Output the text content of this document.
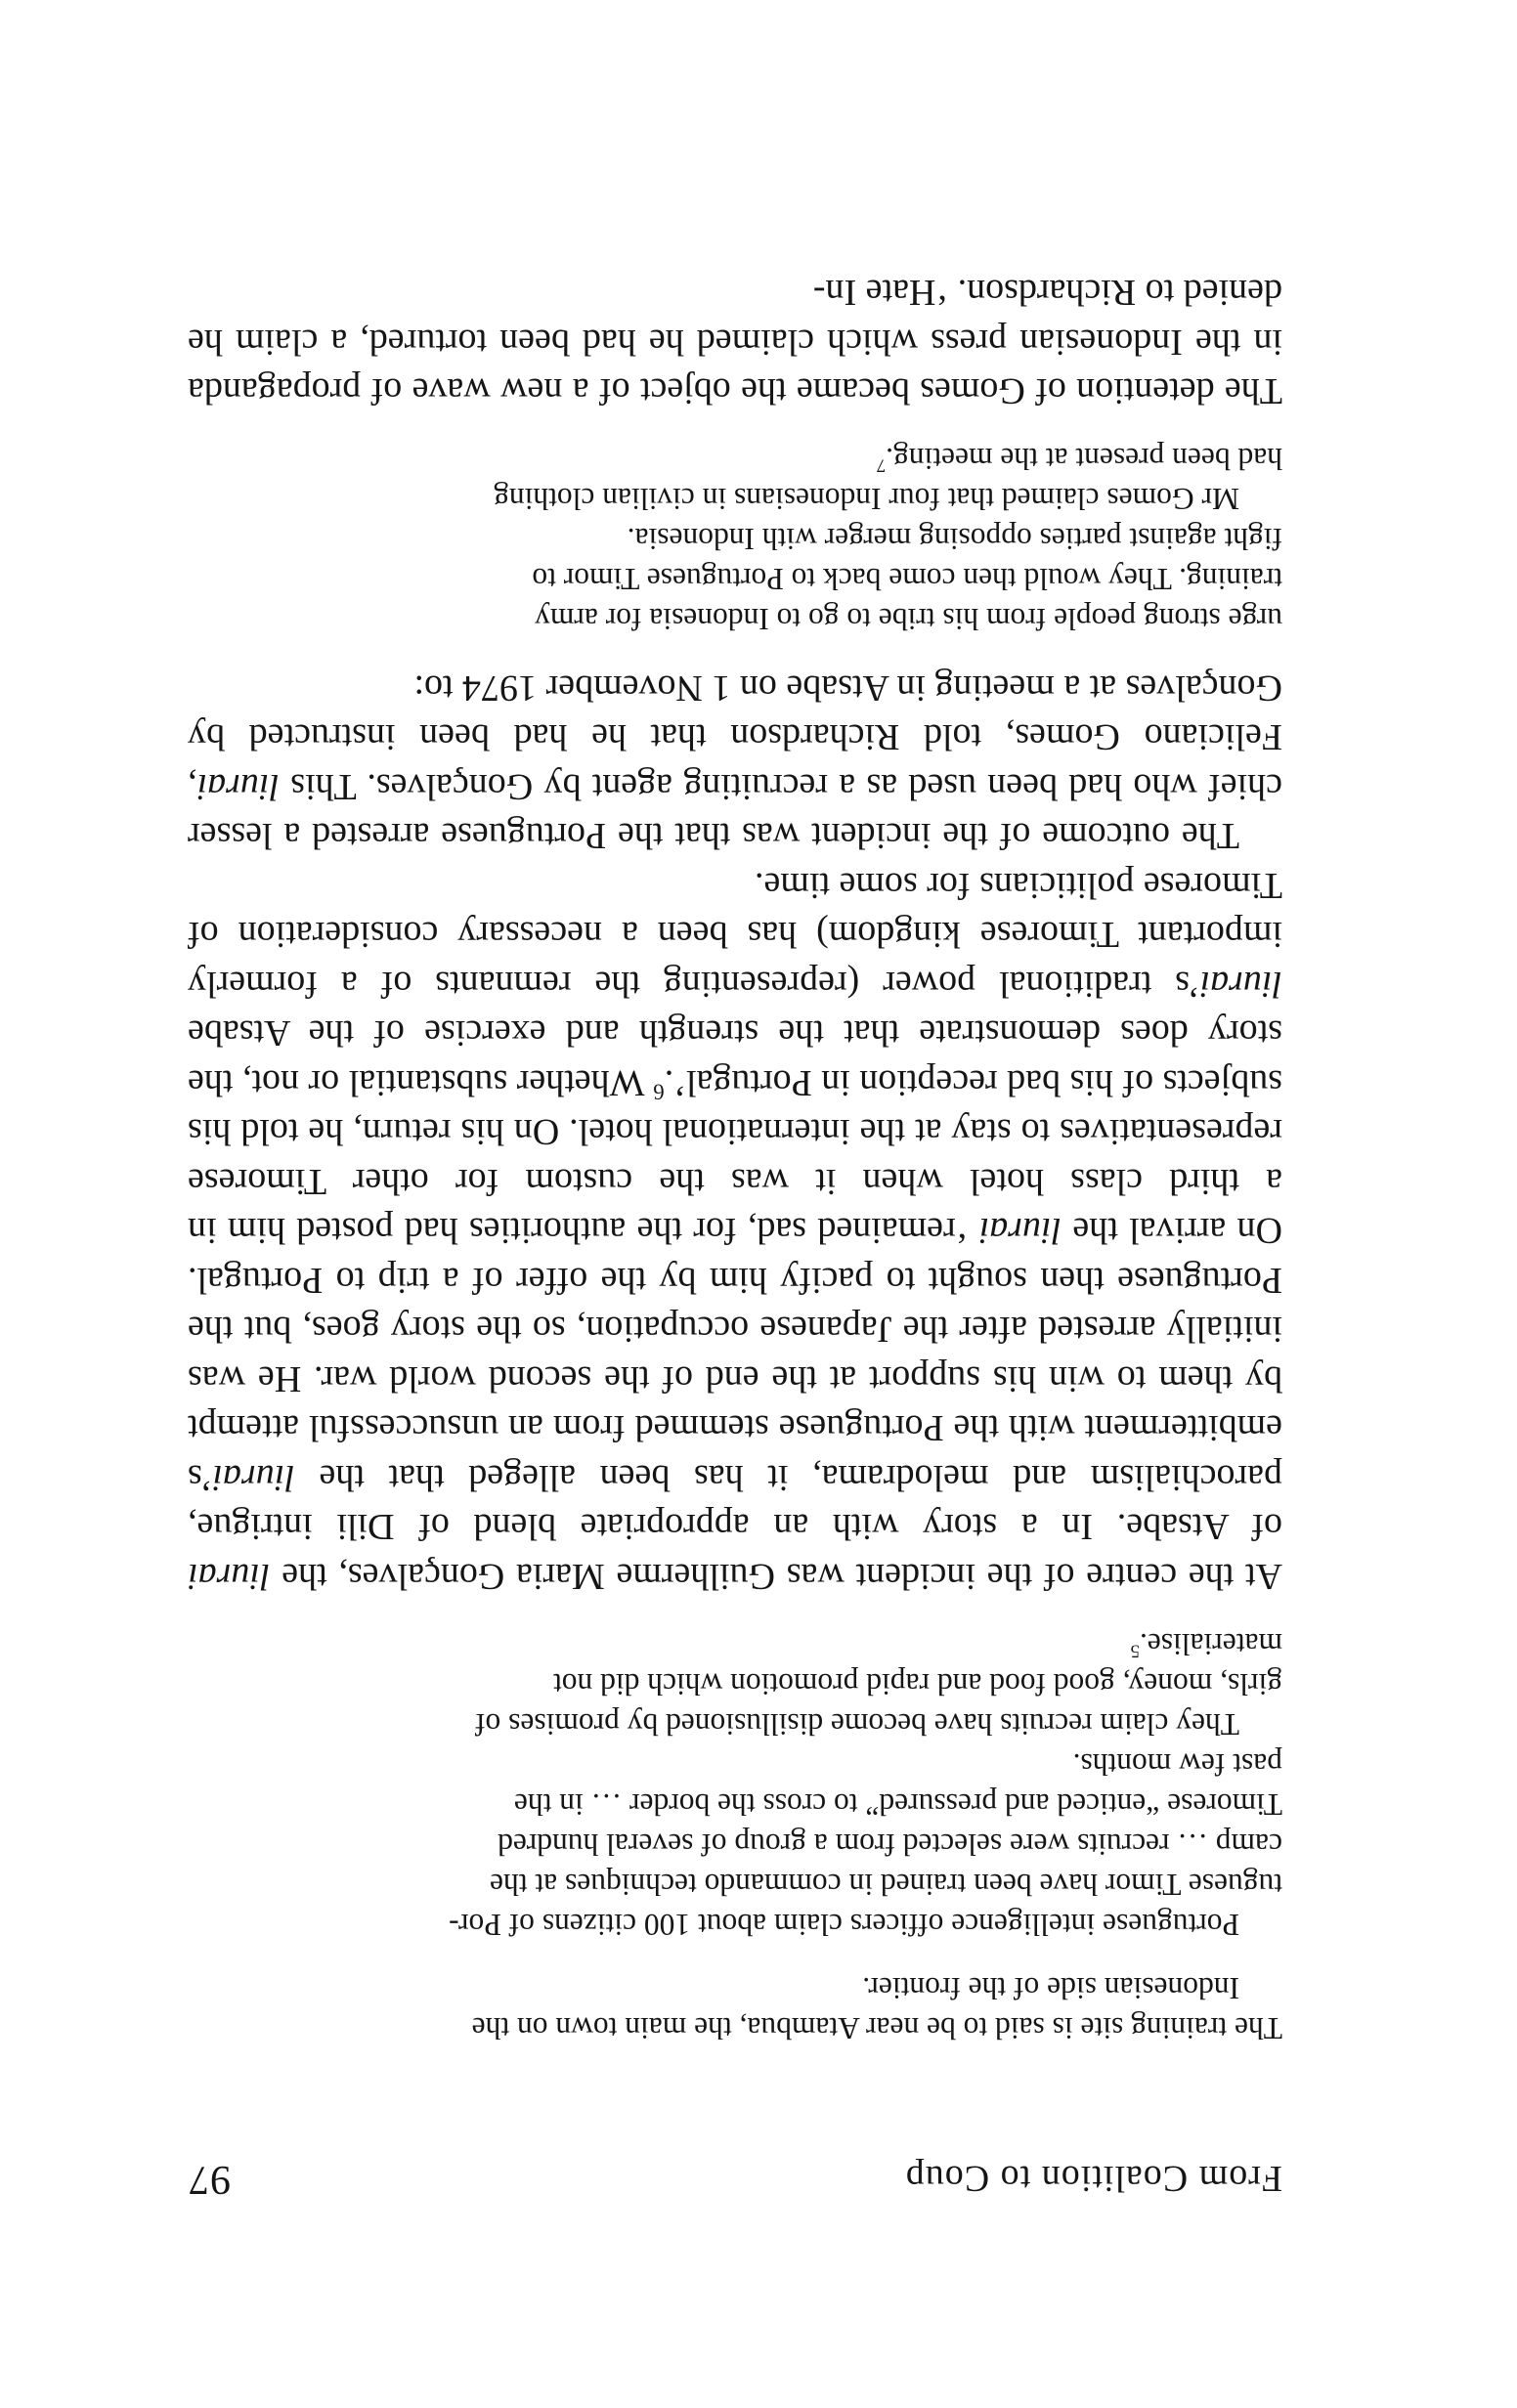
From Coalition to Coup
97

The training site is said to be near Atambua, the main town on the

Indonesian side of the frontier.

Portuguese intelligence officers claim about 100 citizens of Por-

tuguese Timor have been trained in commando techniques at the

camp … recruits were selected from a group of several hundred

Timorese “enticed and pressured” to cross the border … in the

past few months.

They claim recruits have become disillusioned by promises of

girls, money, good food and rapid promotion which did not

materialise.$^5$

At the centre of the incident was Guilherme Maria Gonçalves, the liurai of Atsabe. In a story with an appropriate blend of Dili intrigue, parochialism and melodrama, it has been alleged that the liurai’s embitterment with the Portuguese stemmed from an unsuccessful attempt by them to win his support at the end of the second world war. He was initially arrested after the Japanese occupation, so the story goes, but the Portuguese then sought to pacify him by the offer of a trip to Portugal. On arrival the liurai ‘remained sad, for the authorities had posted him in a third class hotel when it was the custom for other Timorese representatives to stay at the international hotel. On his return, he told his subjects of his bad reception in Portugal’.$^6$ Whether substantial or not, the story does demonstrate that the strength and exercise of the Atsabe liurai’s traditional power (representing the remnants of a formerly important Timorese kingdom) has been a necessary consideration of Timorese politicians for some time.

The outcome of the incident was that the Portuguese arrested a lesser chief who had been used as a recruiting agent by Gonçalves. This liurai, Feliciano Gomes, told Richardson that he had been instructed by Gonçalves at a meeting in Atsabe on 1 November 1974 to:

urge strong people from his tribe to go to Indonesia for army

training. They would then come back to Portuguese Timor to

fight against parties opposing merger with Indonesia.

Mr Gomes claimed that four Indonesians in civilian clothing

had been present at the meeting.$^7$

The detention of Gomes became the object of a new wave of propaganda in the Indonesian press which claimed he had been tortured, a claim he denied to Richardson. ‘Hate In-
